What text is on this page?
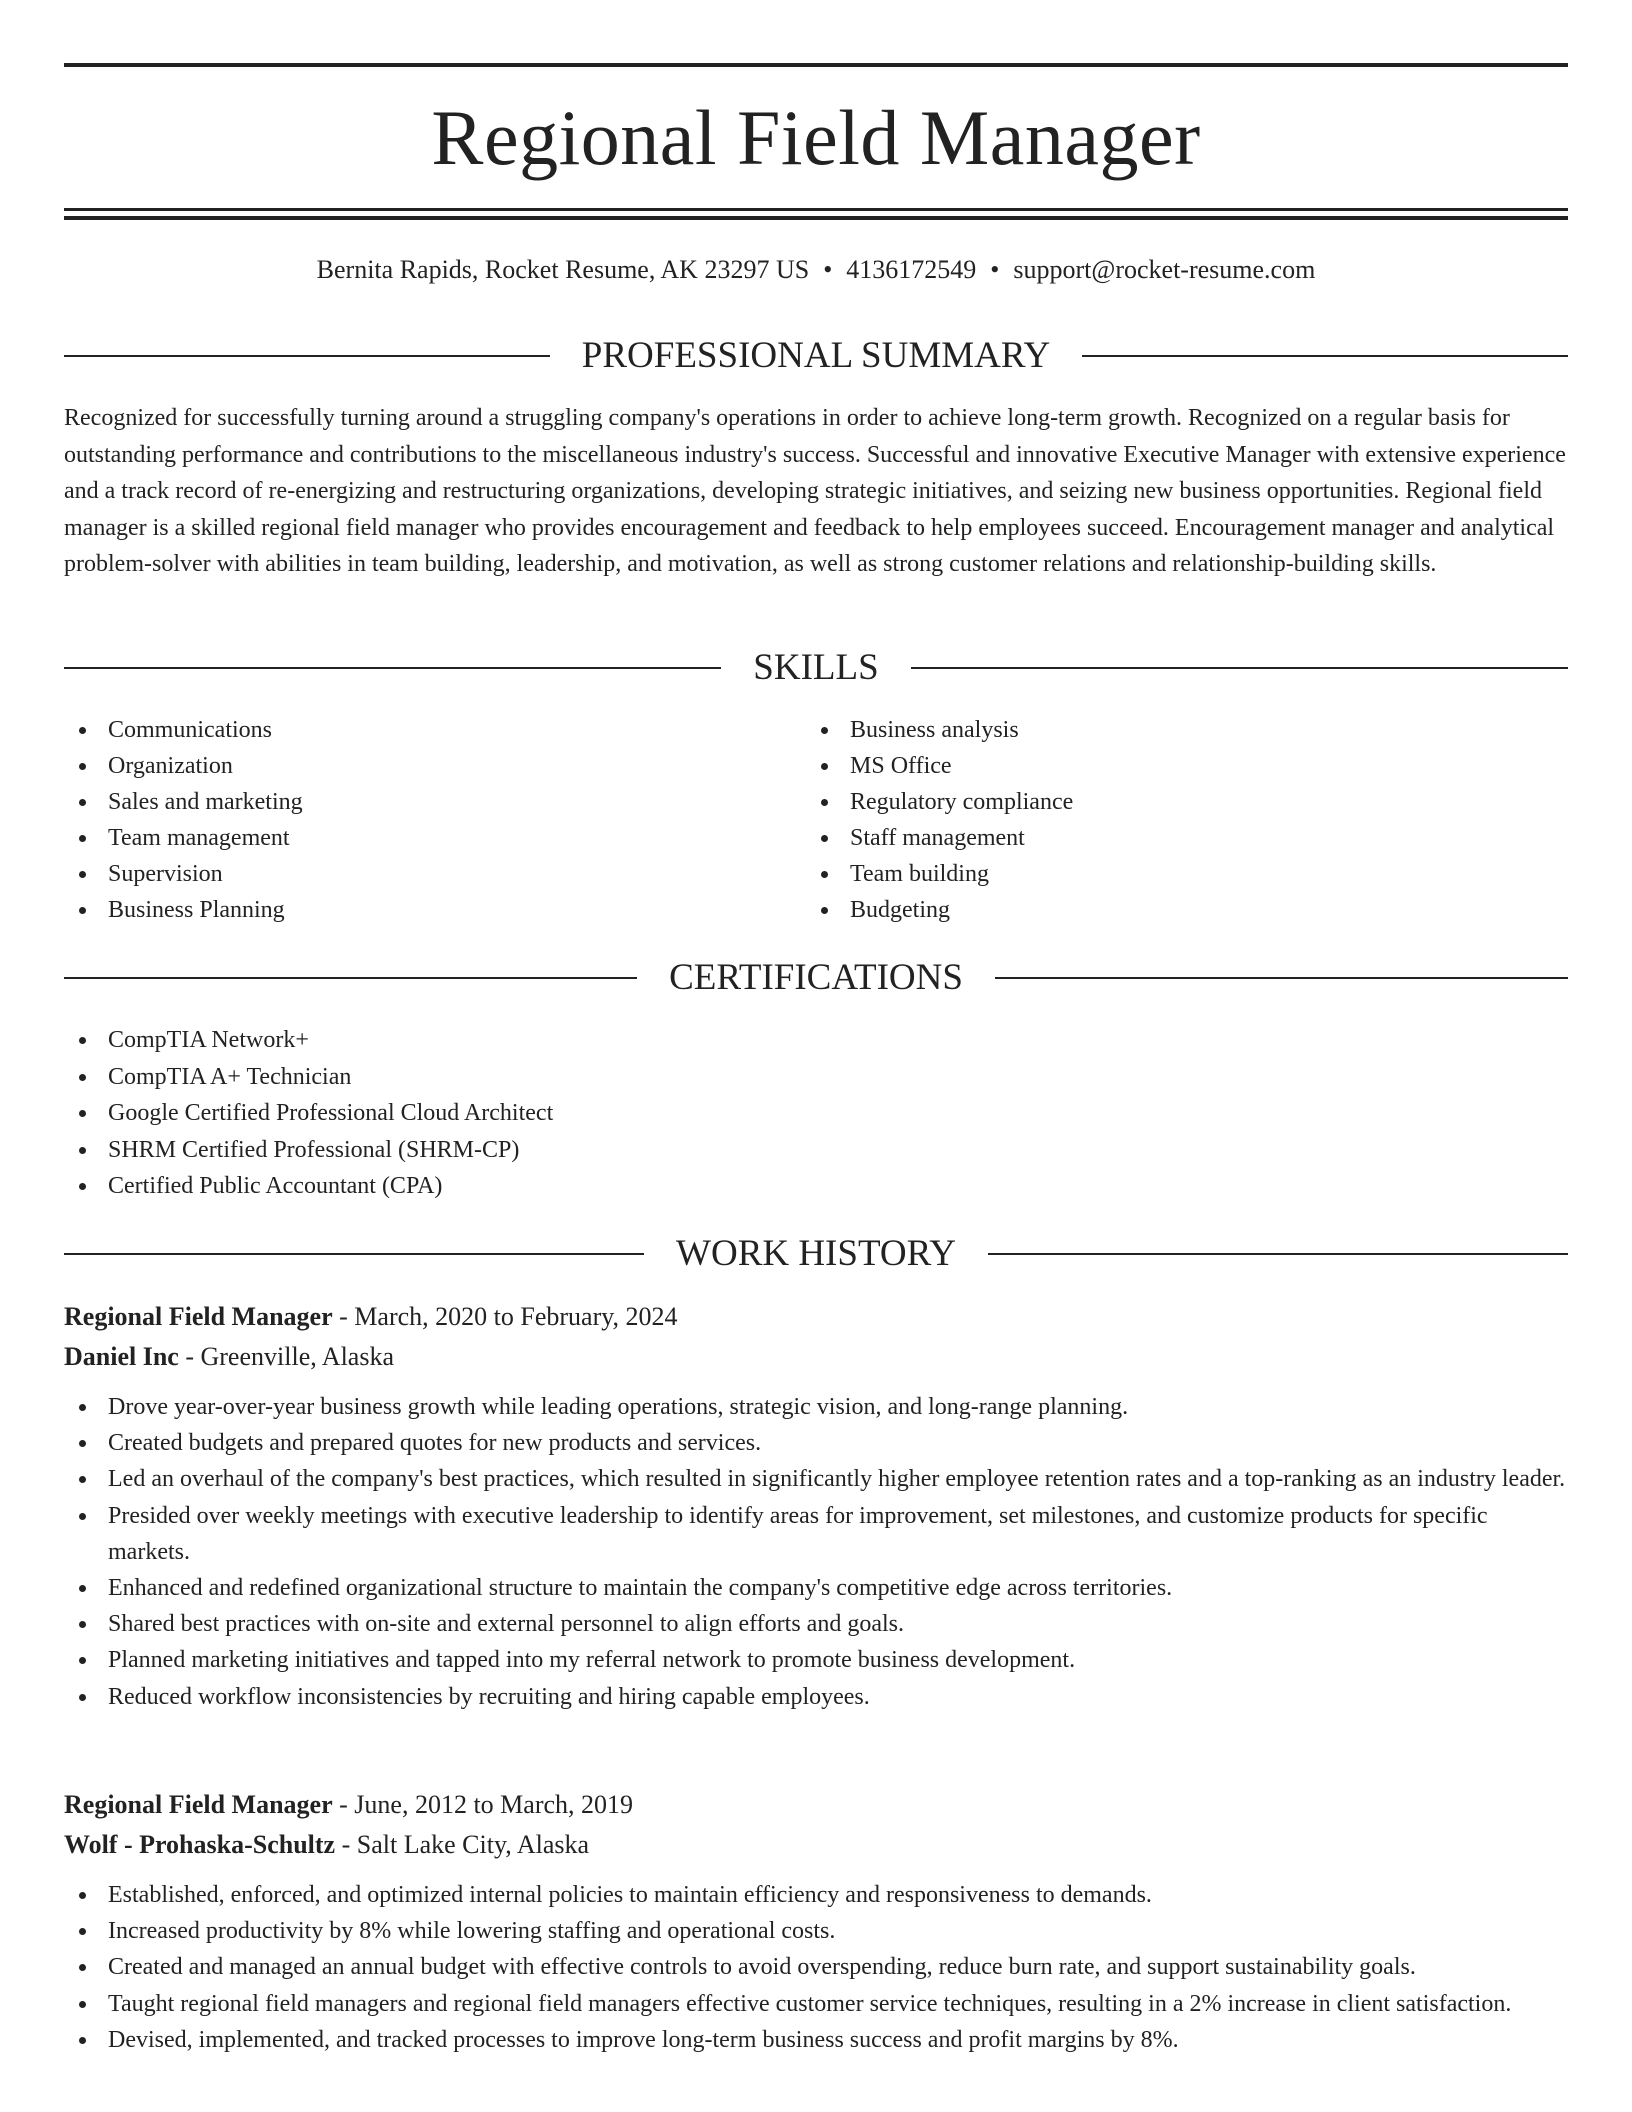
Regional Field Manager
Bernita Rapids, Rocket Resume, AK 23297 US • 4136172549 • support@rocket-resume.com
PROFESSIONAL SUMMARY

Recognized for successfully turning around a struggling company's operations in order to achieve long-term growth. Recognized on a regular basis for outstanding performance and contributions to the miscellaneous industry's success. Successful and innovative Executive Manager with extensive experience and a track record of re-energizing and restructuring organizations, developing strategic initiatives, and seizing new business opportunities. Regional field manager is a skilled regional field manager who provides encouragement and feedback to help employees succeed. Encouragement manager and analytical problem-solver with abilities in team building, leadership, and motivation, as well as strong customer relations and relationship-building skills.

SKILLS
Communications
Organization
Sales and marketing
Team management
Supervision
Business Planning
Business analysis
MS Office
Regulatory compliance
Staff management
Team building
Budgeting
CERTIFICATIONS
CompTIA Network+
CompTIA A+ Technician
Google Certified Professional Cloud Architect
SHRM Certified Professional (SHRM-CP)
Certified Public Accountant (CPA)
WORK HISTORY
Regional Field Manager - March, 2020 to February, 2024
Daniel Inc - Greenville, Alaska
Drove year-over-year business growth while leading operations, strategic vision, and long-range planning.
Created budgets and prepared quotes for new products and services.
Led an overhaul of the company's best practices, which resulted in significantly higher employee retention rates and a top-ranking as an industry leader.
Presided over weekly meetings with executive leadership to identify areas for improvement, set milestones, and customize products for specific markets.
Enhanced and redefined organizational structure to maintain the company's competitive edge across territories.
Shared best practices with on-site and external personnel to align efforts and goals.
Planned marketing initiatives and tapped into my referral network to promote business development.
Reduced workflow inconsistencies by recruiting and hiring capable employees.
Regional Field Manager - June, 2012 to March, 2019
Wolf - Prohaska-Schultz - Salt Lake City, Alaska
Established, enforced, and optimized internal policies to maintain efficiency and responsiveness to demands.
Increased productivity by 8% while lowering staffing and operational costs.
Created and managed an annual budget with effective controls to avoid overspending, reduce burn rate, and support sustainability goals.
Taught regional field managers and regional field managers effective customer service techniques, resulting in a 2% increase in client satisfaction.
Devised, implemented, and tracked processes to improve long-term business success and profit margins by 8%.
